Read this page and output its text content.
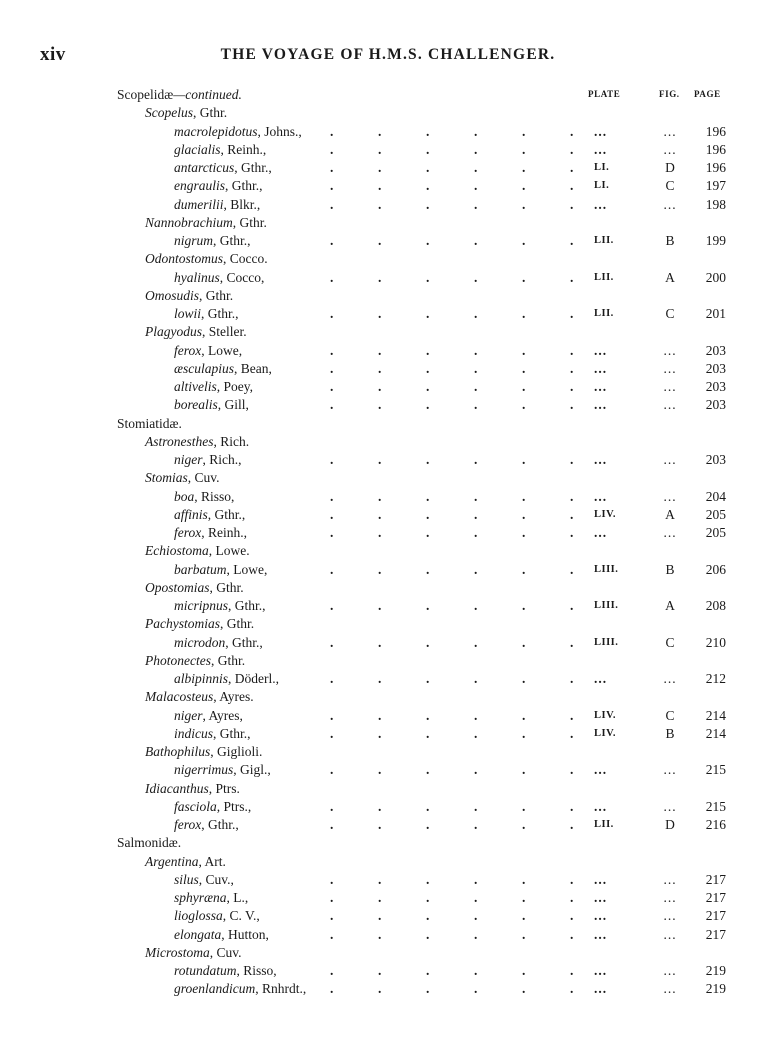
xiv	THE VOYAGE OF H.M.S. CHALLENGER.
PLATE	FIG. PAGE
Scopelidæ—continued.
Scopelus, Gthr.
macrolepidotus, Johns., .	.	.	.	.	. ...	...	196
glacialis, Reinh.,	.	.	.	.	.	. ...	...	196
antarcticus, Gthr.,	.	.	.	.	.	. LI.	D	196
engraulis, Gthr.,	.	.	.	.	.	. LI.	C	197
dumerilii, Blkr.,	.	.	.	.	.	. ...	...	198
Nannobrachium, Gthr.
nigrum, Gthr.,	.	.	.	.	.	. LII.	B	199
Odontostomus, Cocco.
hyalinus, Cocco,	.	.	.	.	.	. LII.	A	200
Omosudis, Gthr.
lowii, Gthr.,	.	.	.	.	.	. LII.	C	201
Plagyodus, Steller.
ferox, Lowe,	.	.	.	.	.	. ...	...	203
æsculapius, Bean,	.	.	.	.	.	. ...	...	203
altivelis, Poey,	.	.	.	.	.	. ...	...	203
borealis, Gill,	.	.	.	.	.	. ...	...	203
Stomiatidæ.
Astronesthes, Rich.
niger, Rich.,	.	.	.	.	.	. ...	...	203
Stomias, Cuv.
boa, Risso,	.	.	.	.	.	. ...	...	204
affinis, Gthr.,	.	.	.	.	.	. LIV.	A	205
ferox, Reinh.,	.	.	.	.	.	. ...	...	205
Echiostoma, Lowe.
barbatum, Lowe,	.	.	.	.	.	. LIII.	B	206
Opostomias, Gthr.
micripnus, Gthr.,	.	.	.	.	.	. LIII.	A	208
Pachystomias, Gthr.
microdon, Gthr.,	.	.	.	.	.	. LIII.	C	210
Photonectes, Gthr.
albipinnis, Döderl.,	.	.	.	.	.	. ...	...	212
Malacosteus, Ayres.
niger, Ayres,	.	.	.	.	.	. LIV.	C	214
indicus, Gthr.,	.	.	.	.	.	. LIV.	B	214
Bathophilus, Giglioli.
nigerrimus, Gigl.,	.	.	.	.	.	. ...	...	215
Idiacanthus, Ptrs.
fasciola, Ptrs.,	.	.	.	.	.	. ...	...	215
ferox, Gthr.,	.	.	.	.	.	. LII.	D	216
Salmonidæ.
Argentina, Art.
silus, Cuv.,	.	.	.	.	.	. ...	...	217
sphyræna, L.,	.	.	.	.	.	. ...	...	217
lioglossa, C. V.,	.	.	.	.	.	. ...	...	217
elongata, Hutton,	.	.	.	.	.	. ...	...	217
Microstoma, Cuv.
rotundatum, Risso,	.	.	.	.	.	. ...	...	219
groenlandicum, Rnhrdt., .	.	.	.	.	. ...	...	219
